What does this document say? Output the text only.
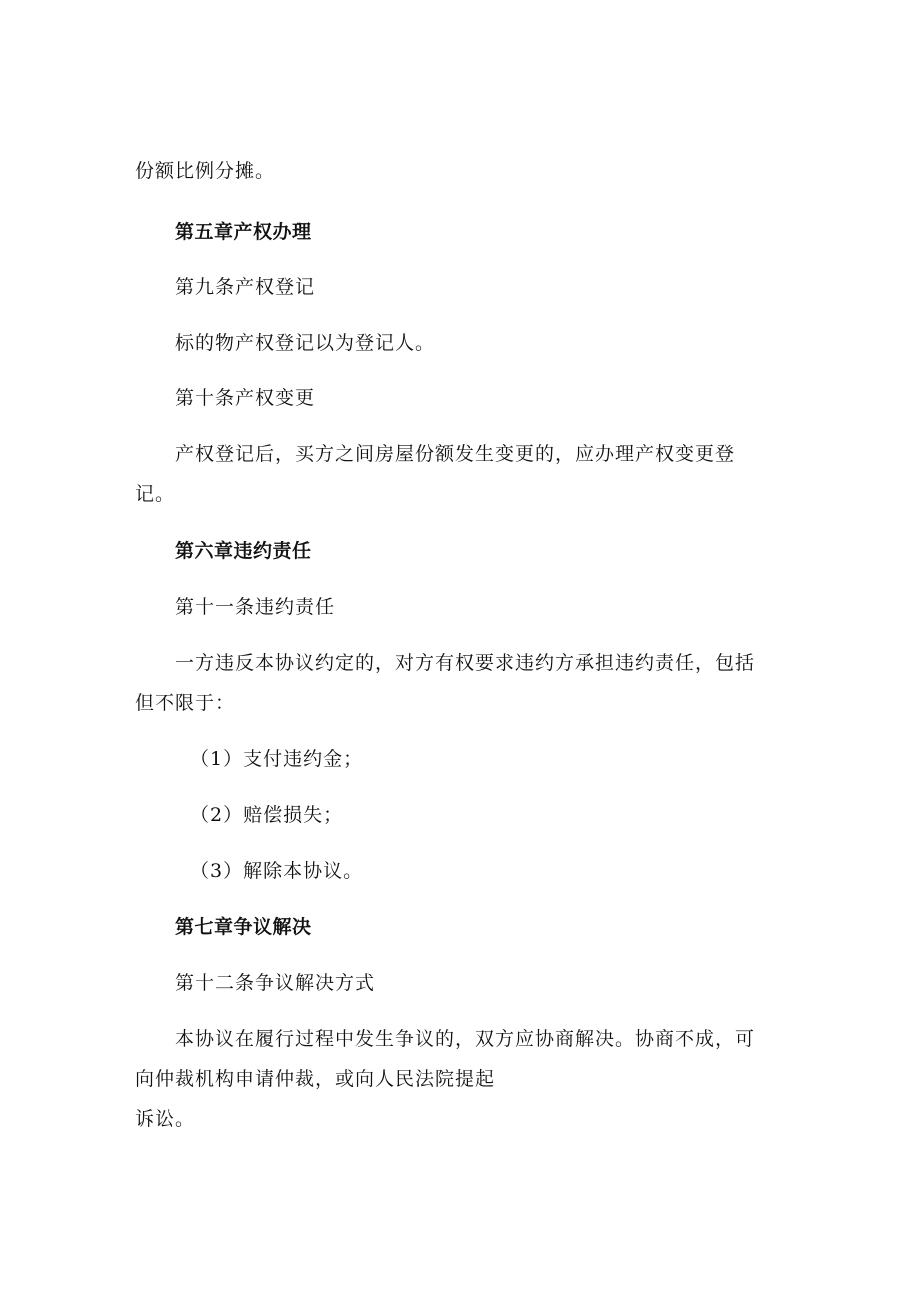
份额比例分摊。
第五章产权办理
第九条产权登记
标的物产权登记以为登记人。
第十条产权变更
产权登记后，买方之间房屋份额发生变更的，应办理产权变更登
记。
第六章违约责任
第十一条违约责任
一方违反本协议约定的，对方有权要求违约方承担违约责任，包括
但不限于：
（1）支付违约金；
（2）赔偿损失；
（3）解除本协议。
第七章争议解决
第十二条争议解决方式
本协议在履行过程中发生争议的，双方应协商解决。协商不成，可
向仲裁机构申请仲裁，或向人民法院提起
诉讼。
